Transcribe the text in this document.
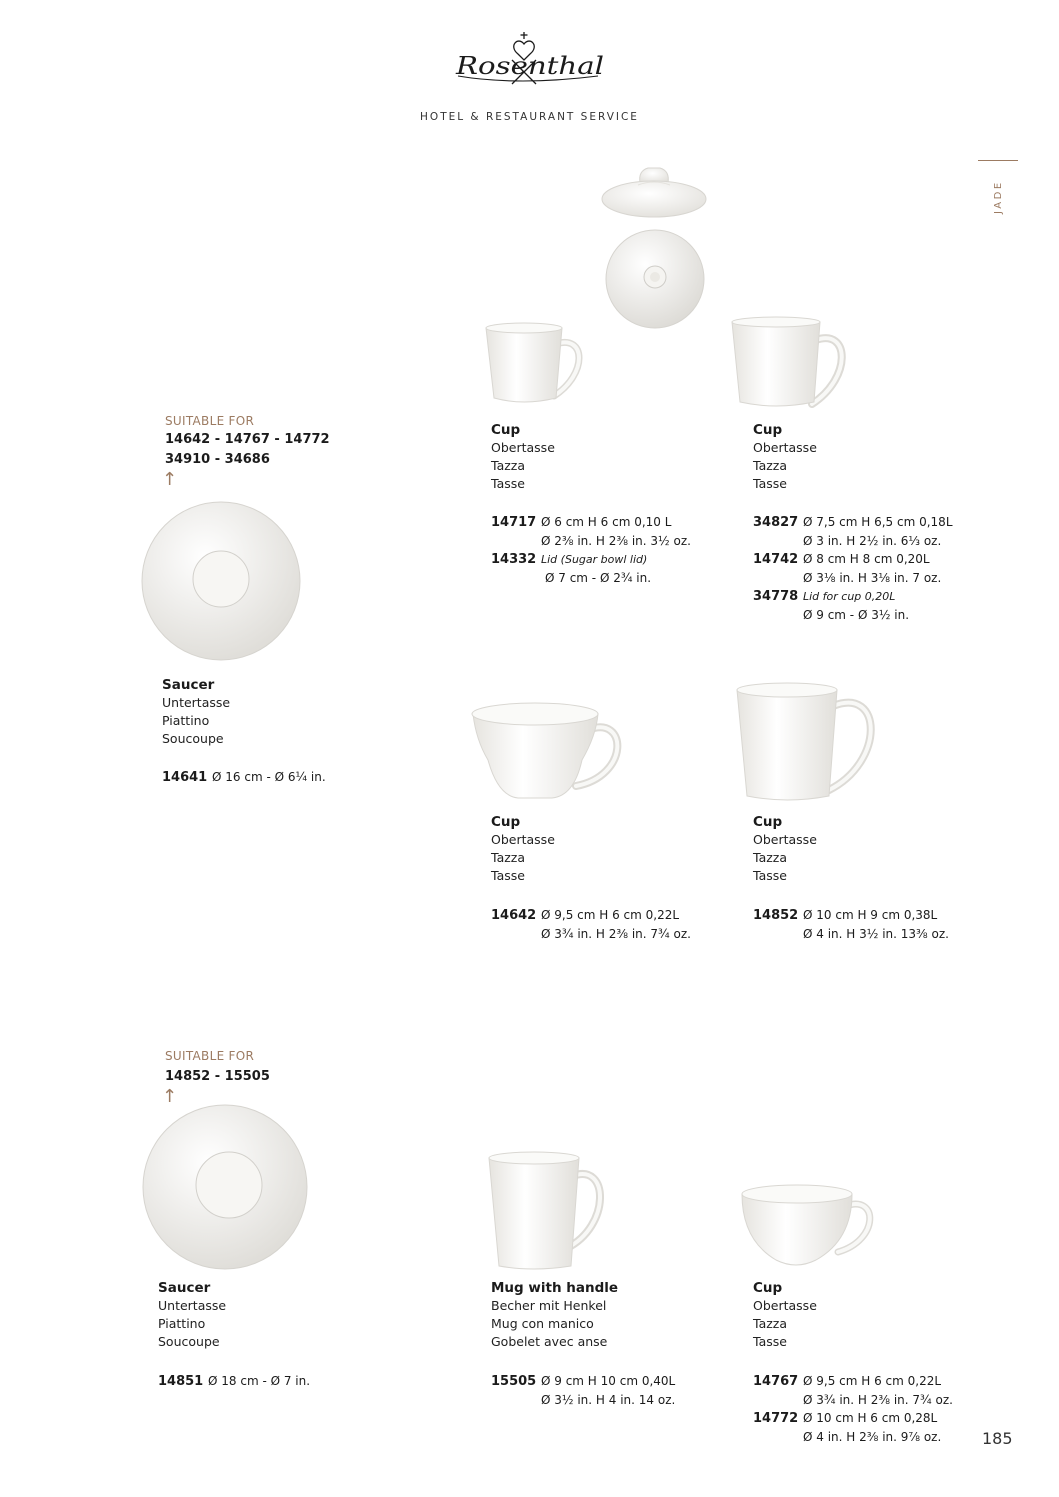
Rosenthal
HOTEL & RESTAURANT SERVICE
JADE
SUITABLE FOR
14642 - 14767 - 14772
34910 - 34686
↑
Cup
Obertasse
Tazza
Tasse
14717 Ø 6 cm H 6 cm 0,10 L
Ø 2⅜ in. H 2⅜ in. 3½ oz.
14332 Lid (Sugar bowl lid)
Ø 7 cm - Ø 2¾ in.
Cup
Obertasse
Tazza
Tasse
34827 Ø 7,5 cm H 6,5 cm 0,18L
Ø 3 in. H 2½ in. 6⅓ oz.
14742 Ø 8 cm H 8 cm 0,20L
Ø 3⅛ in. H 3⅛ in. 7 oz.
34778 Lid for cup 0,20L
Ø 9 cm - Ø 3½ in.
Saucer
Untertasse
Piattino
Soucoupe
14641 Ø 16 cm - Ø 6¼ in.
Cup
Obertasse
Tazza
Tasse
14642 Ø 9,5 cm H 6 cm 0,22L
Ø 3¾ in. H 2⅜ in. 7¾ oz.
Cup
Obertasse
Tazza
Tasse
14852 Ø 10 cm H 9 cm 0,38L
Ø 4 in. H 3½ in. 13⅜ oz.
SUITABLE FOR
14852 - 15505
↑
Saucer
Untertasse
Piattino
Soucoupe
14851 Ø 18 cm - Ø 7 in.
Mug with handle
Becher mit Henkel
Mug con manico
Gobelet avec anse
15505 Ø 9 cm H 10 cm 0,40L
Ø 3½ in. H 4 in. 14 oz.
Cup
Obertasse
Tazza
Tasse
14767 Ø 9,5 cm H 6 cm 0,22L
Ø 3¾ in. H 2⅜ in. 7¾ oz.
14772 Ø 10 cm H 6 cm 0,28L
Ø 4 in. H 2⅜ in. 9⅞ oz.	185
